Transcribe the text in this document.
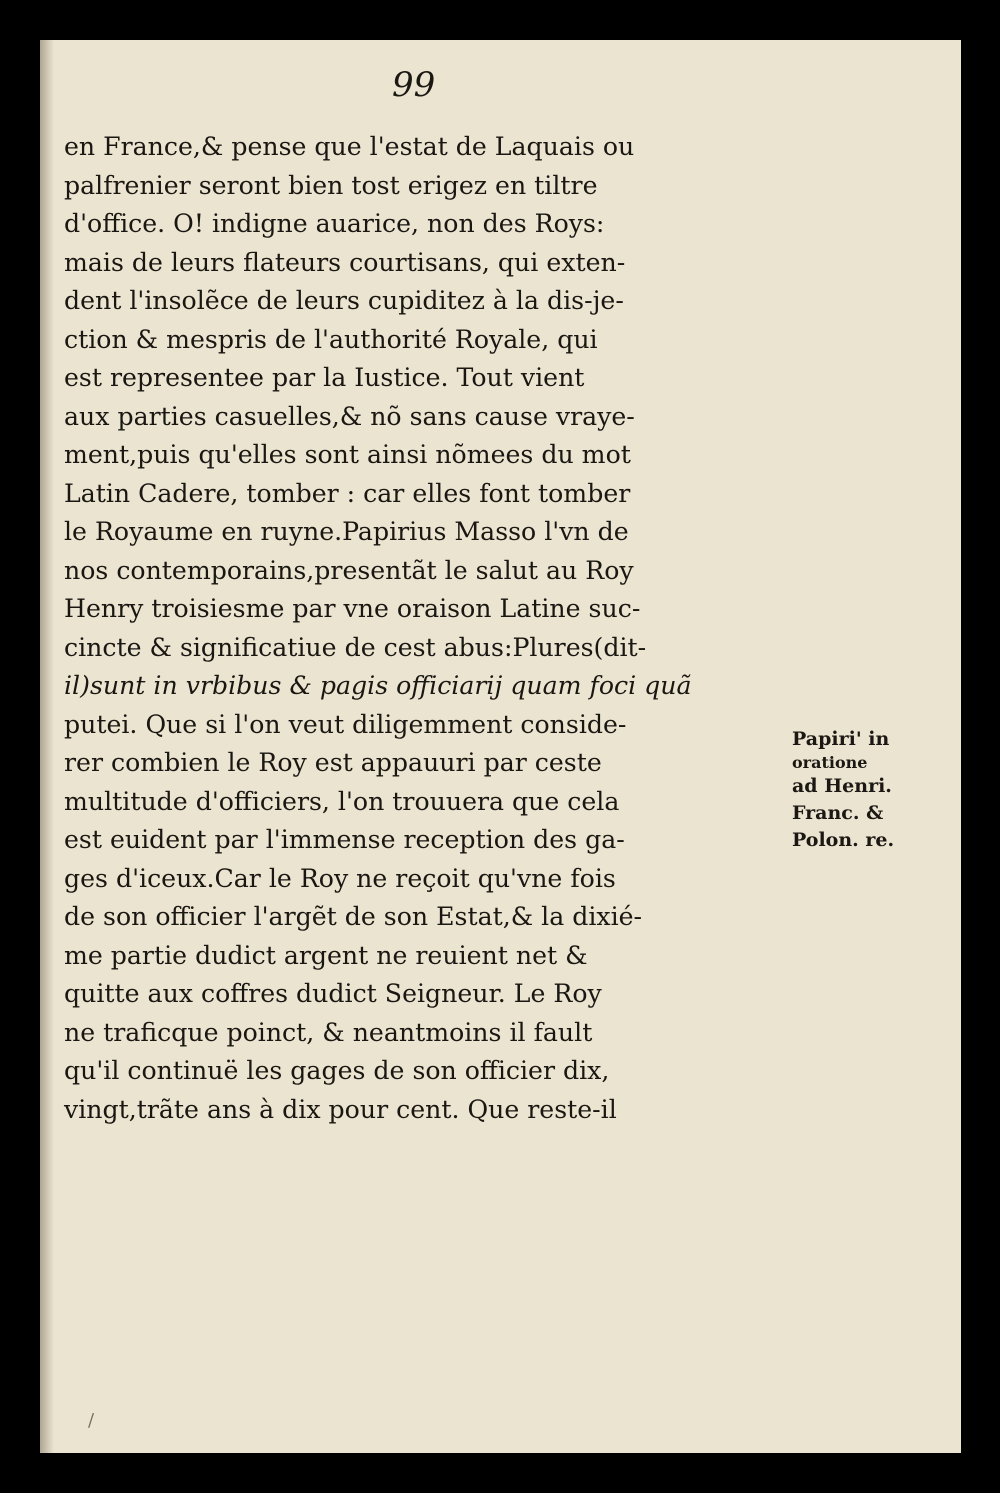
99
en France,& pense que l'estat de Laquais ou
palfrenier seront bien tost erigez en tiltre
d'office. O! indigne auarice, non des Roys:
mais de leurs flateurs courtisans, qui exten-
dent l'insolẽce de leurs cupiditez à la dis-je-
ction & mespris de l'authorité Royale, qui
est representee par la Iustice. Tout vient
aux parties casuelles,& nõ sans cause vraye-
ment,puis qu'elles sont ainsi nõmees du mot
Latin Cadere, tomber : car elles font tomber
le Royaume en ruyne.Papirius Masso l'vn de
nos contemporains,presentãt le salut au Roy
Henry troisiesme par vne oraison Latine suc-
cincte & significatiue de cest abus:Plures(dit-
il)sunt in vrbibus & pagis officiarij quam foci quã
putei. Que si l'on veut diligemment conside-
rer combien le Roy est appauuri par ceste
multitude d'officiers, l'on trouuera que cela
est euident par l'immense reception des ga-
ges d'iceux.Car le Roy ne reçoit qu'vne fois
de son officier l'argẽt de son Estat,& la dixié-
me partie dudict argent ne reuient net &
quitte aux coffres dudict Seigneur. Le Roy
ne traficque poinct, & neantmoins il fault
qu'il continuë les gages de son officier dix,
vingt,trãte ans à dix pour cent. Que reste-il
Papiri' in
oratione
ad Henri.
Franc. &
Polon. re.
/
